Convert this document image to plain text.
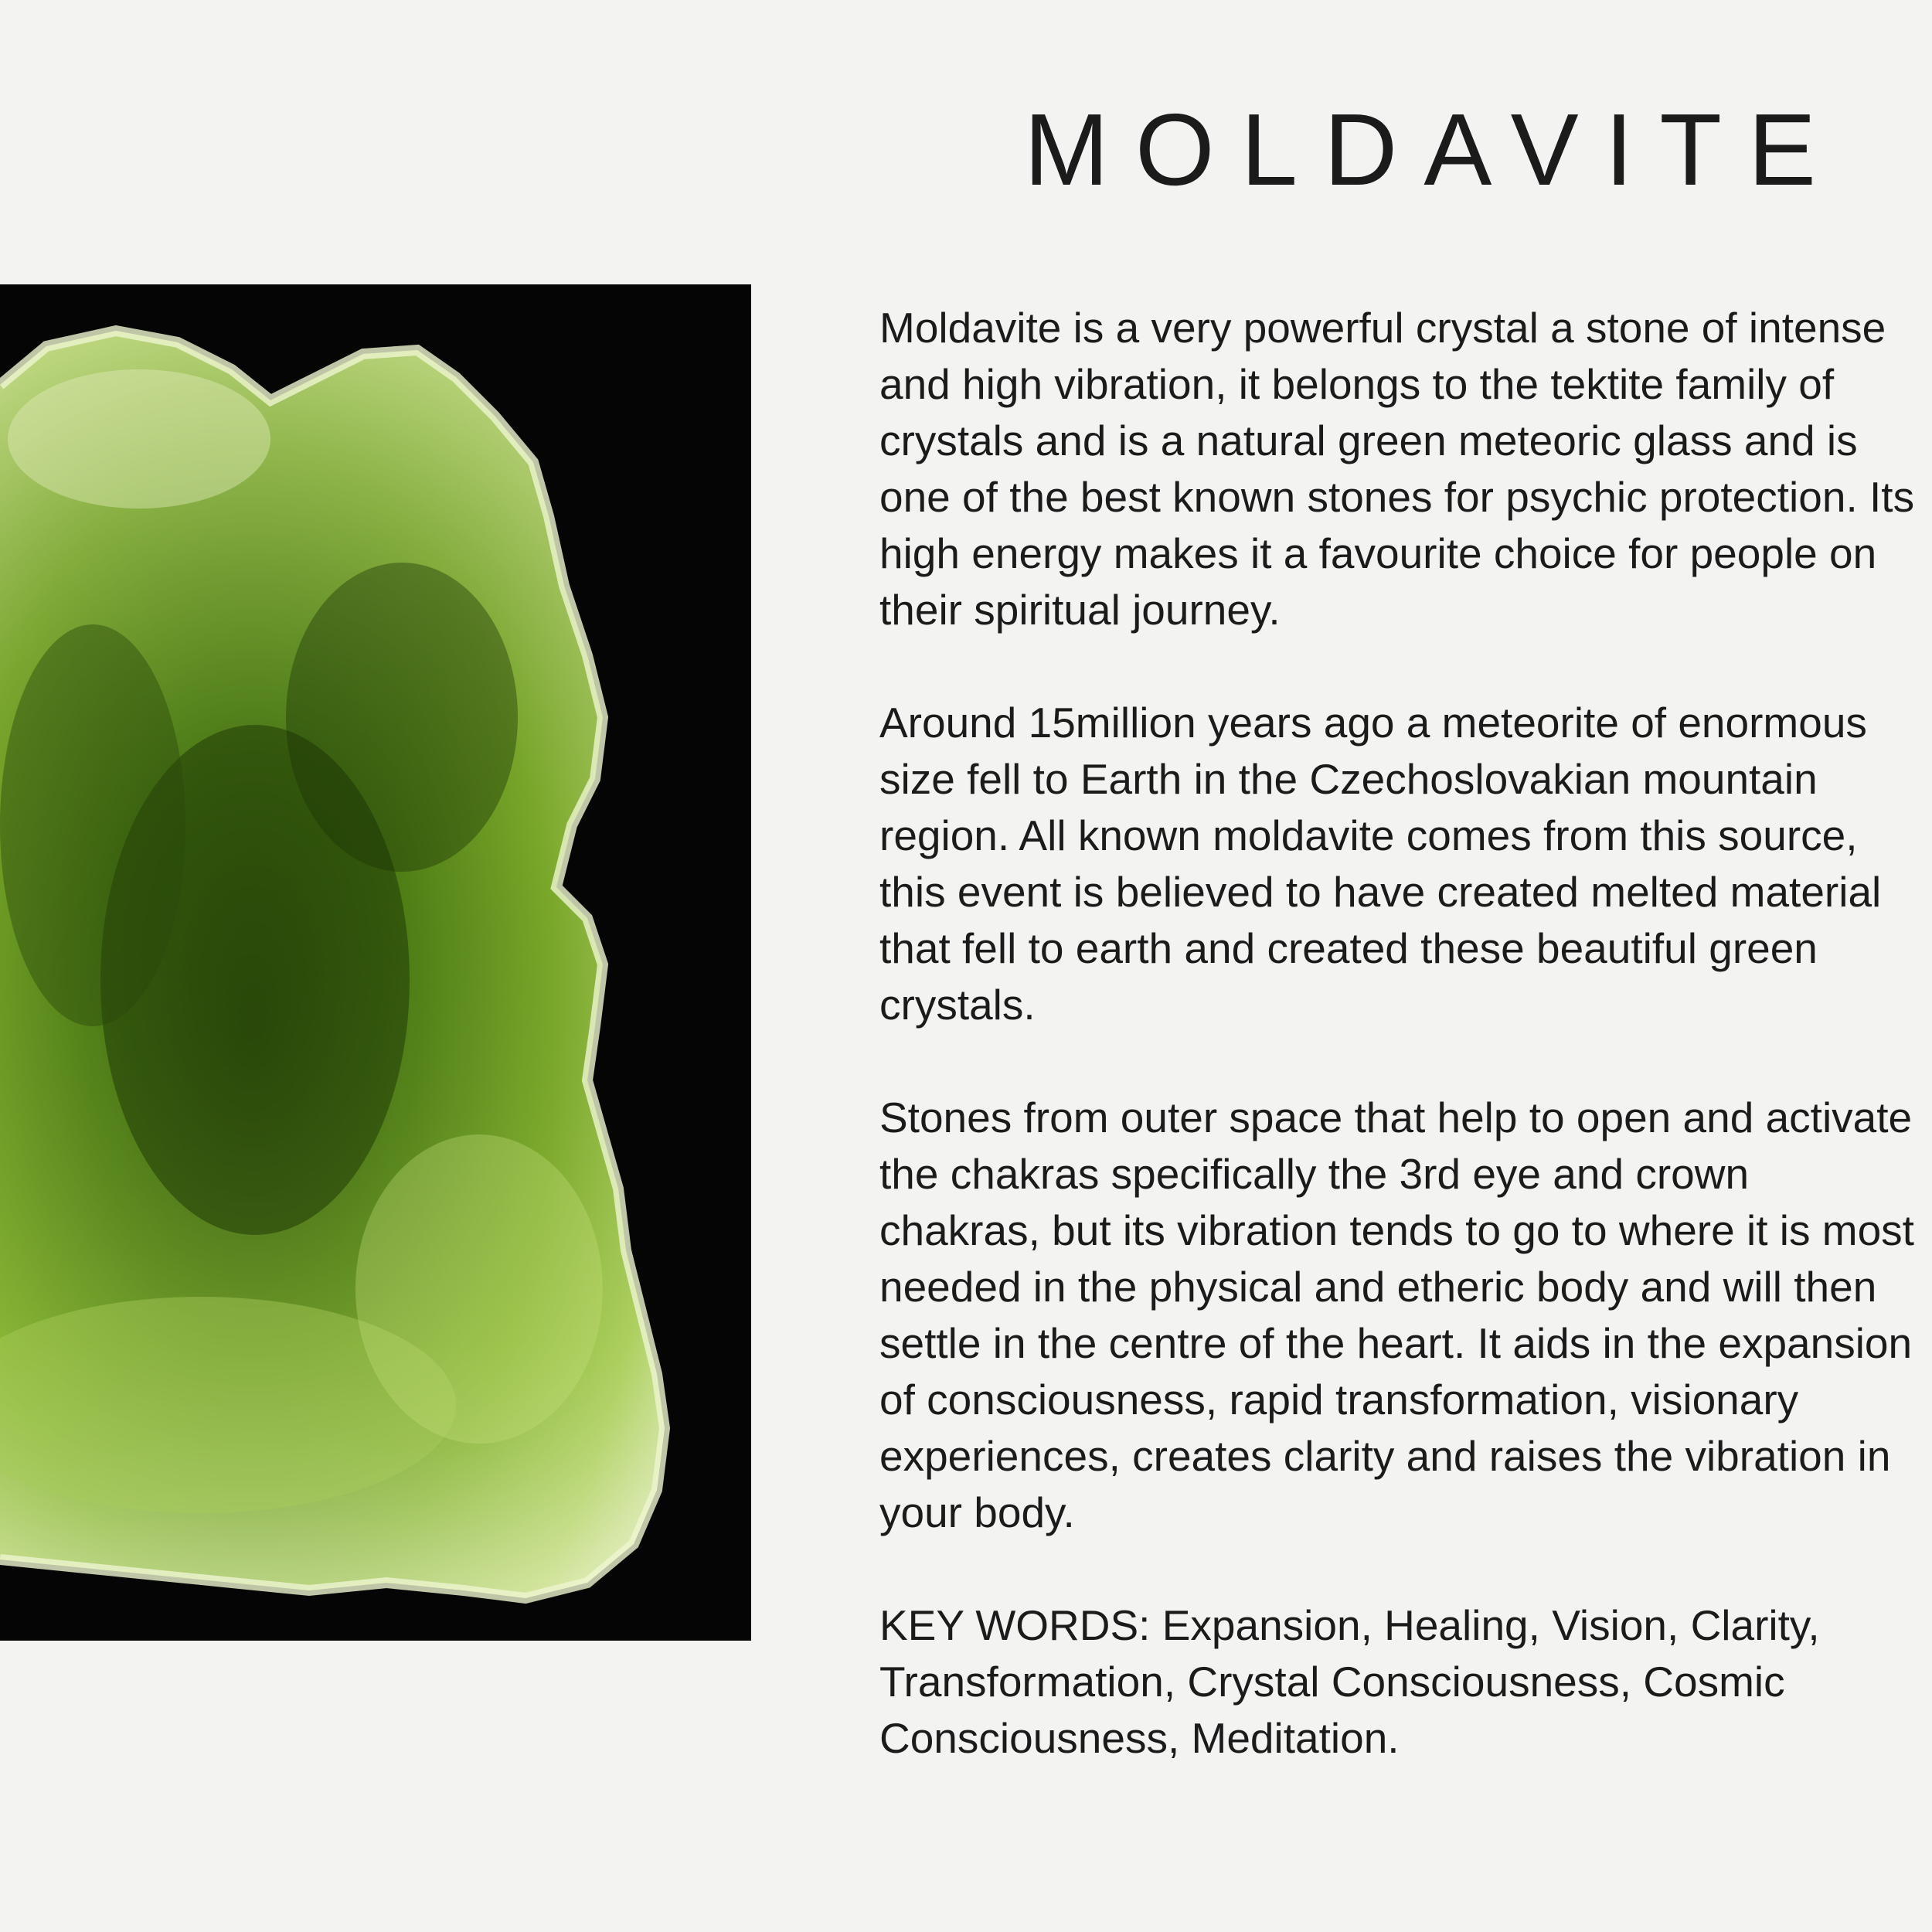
MOLDAVITE

Moldavite is a very powerful crystal a stone of intense and high vibration, it belongs to the tektite family of crystals and is a natural green meteoric glass and is one of the best known stones for psychic protection. Its high energy makes it a favourite choice for people on their spiritual journey.

Around 15million years ago a meteorite of enormous size fell to Earth in the Czechoslovakian mountain region. All known moldavite comes from this source, this event is believed to have created melted material that fell to earth and created these beautiful green crystals.

Stones from outer space that help to open and activate the chakras specifically the 3rd eye and crown chakras, but its vibration tends to go to where it is most needed in the physical and etheric body and will then settle in the centre of the heart. It aids in the expansion of consciousness, rapid transformation, visionary experiences, creates clarity and raises the vibration in your body.

KEY WORDS: Expansion, Healing, Vision, Clarity, Transformation, Crystal Consciousness, Cosmic Consciousness, Meditation.
